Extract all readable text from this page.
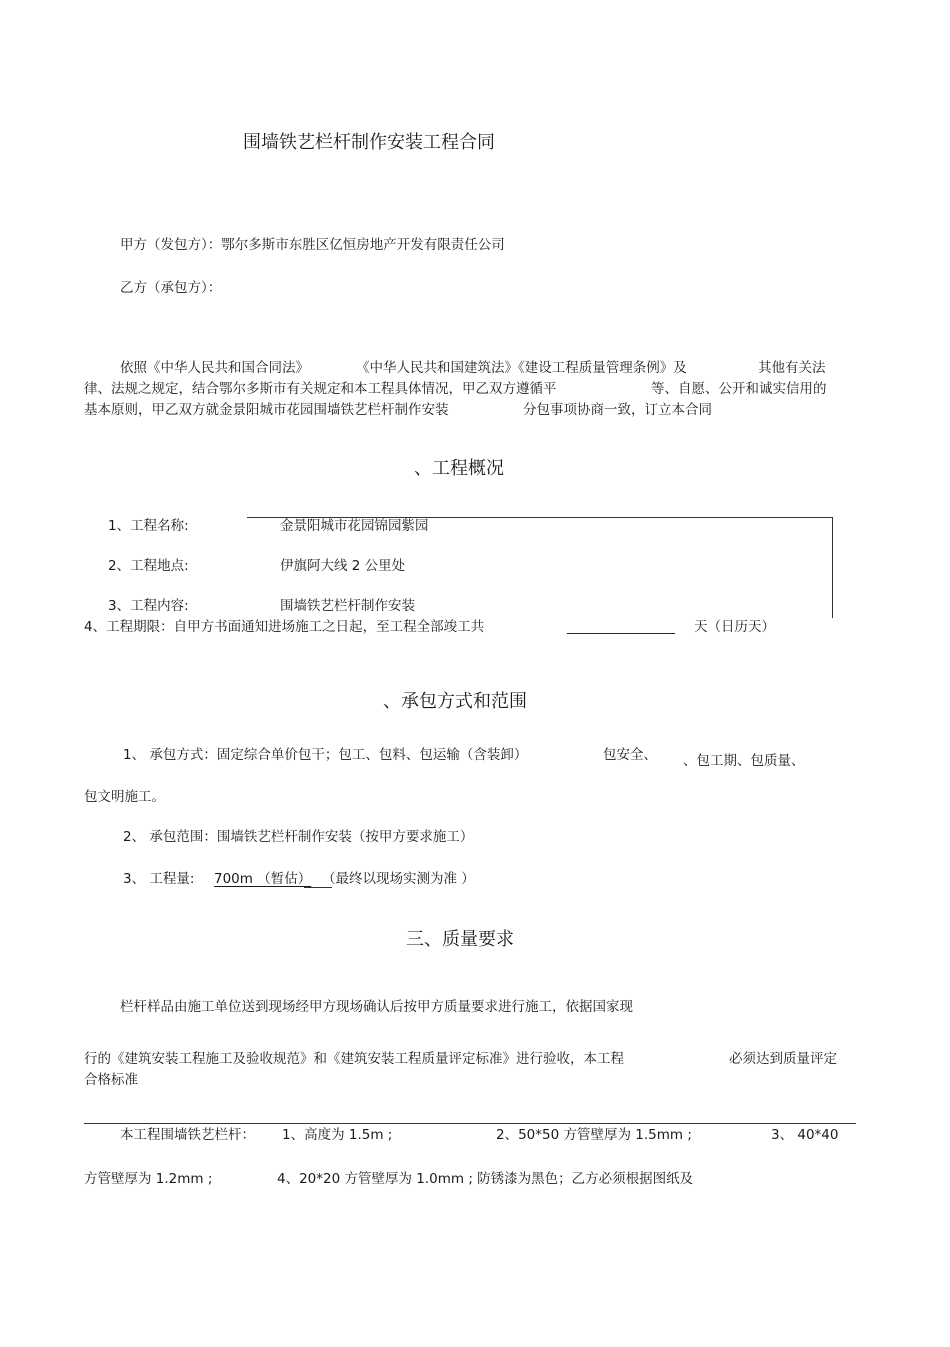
围墙铁艺栏杆制作安装工程合同
甲方（发包方）：鄂尔多斯市东胜区亿恒房地产开发有限责任公司
乙方（承包方）：
依照《中华人民共和国合同法》	《中华人民共和国建筑法》《建设工程质量管理条例》及	其他有关法
律、法规之规定，结合鄂尔多斯市有关规定和本工程具体情况，甲乙双方遵循平	等、自愿、公开和诚实信用的
基本原则，甲乙双方就金景阳城市花园围墙铁艺栏杆制作安装	分包事项协商一致，订立本合同
、工程概况
1、工程名称:	金景阳城市花园锦园紫园
2、工程地点:	伊旗阿大线 2 公里处
3、工程内容:	围墙铁艺栏杆制作安装
4、工程期限：自甲方书面通知进场施工之日起，至工程全部竣工共	________________ 天（日历天）
、承包方式和范围
1、 承包方式：固定综合单价包干；包工、包料、包运输（含装卸）	包安全、 、包工期、包质量、
包文明施工。
2、 承包范围：围墙铁艺栏杆制作安装（按甲方要求施工）
3、 工程量: 700m （暂估） （最终以现场实测为准 ）
三、质量要求
栏杆样品由施工单位送到现场经甲方现场确认后按甲方质量要求进行施工，依据国家现
行的《建筑安装工程施工及验收规范》和《建筑安装工程质量评定标准》进行验收，本工程	必须达到质量评定
合格标准
本工程围墙铁艺栏杆： 1、高度为 1.5m ;	2、50*50 方管壁厚为 1.5mm ;	3、 40*40
方管壁厚为 1.2mm ;	4、20*20 方管壁厚为 1.0mm ; 防锈漆为黑色；乙方必须根据图纸及
